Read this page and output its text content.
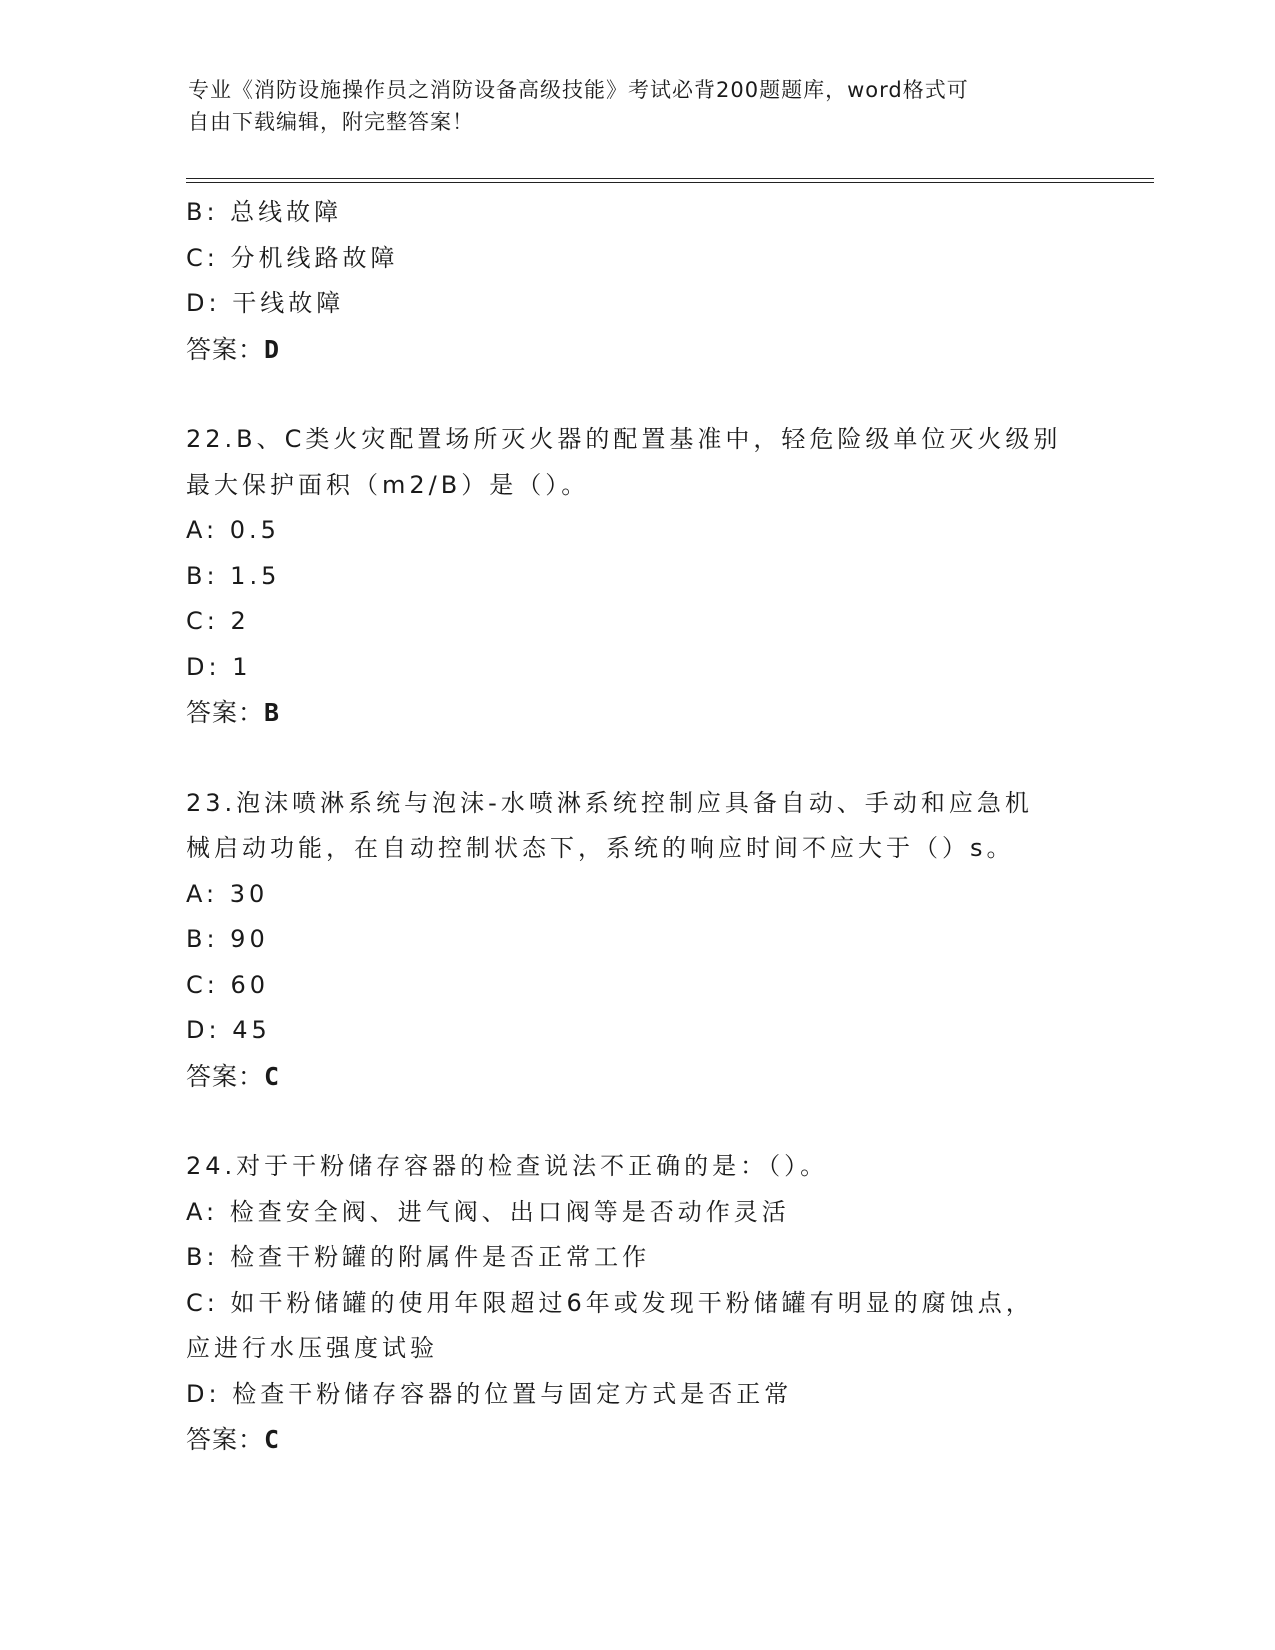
专业《消防设施操作员之消防设备高级技能》考试必背200题题库，word格式可
自由下载编辑，附完整答案！
B: 总线故障
C: 分机线路故障
D: 干线故障
答案：D
22.B、C类火灾配置场所灭火器的配置基准中，轻危险级单位灭火级别
最大保护面积（m2/B）是（）。
A: 0.5
B: 1.5
C: 2
D: 1
答案：B
23.泡沫喷淋系统与泡沫-水喷淋系统控制应具备自动、手动和应急机
械启动功能，在自动控制状态下，系统的响应时间不应大于（）s。
A: 30
B: 90
C: 60
D: 45
答案：C
24.对于干粉储存容器的检查说法不正确的是：（）。
A: 检查安全阀、进气阀、出口阀等是否动作灵活
B: 检查干粉罐的附属件是否正常工作
C: 如干粉储罐的使用年限超过6年或发现干粉储罐有明显的腐蚀点，
应进行水压强度试验
D: 检查干粉储存容器的位置与固定方式是否正常
答案：C
